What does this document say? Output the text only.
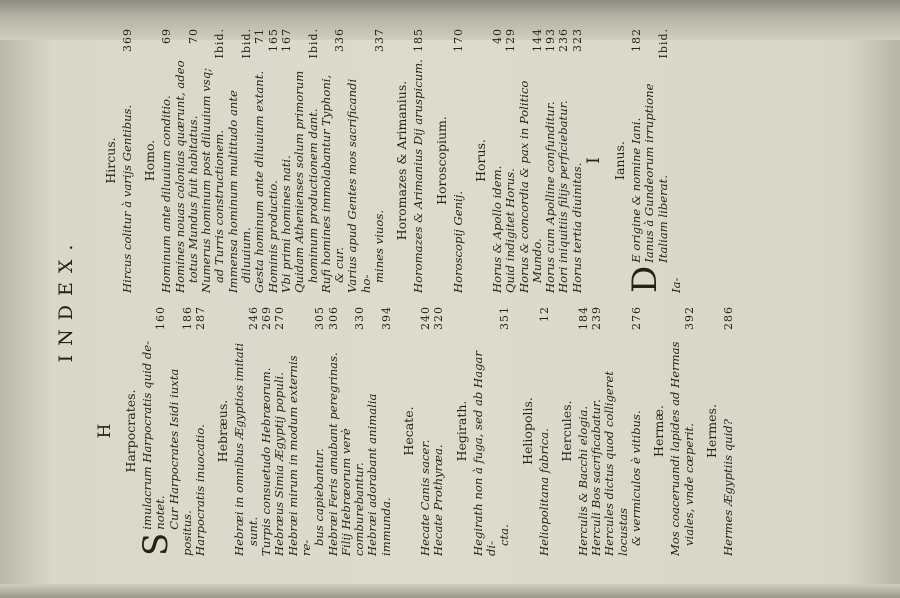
INDEX.
H Harpocrates.
S
imulacrum Harpocratis quid de- notet.
160
Cur Harpocrates Isidi iuxta positus.
186
Harpocratis inuocatio.
287
Hebræus. Hebræi in omnibus Ægyptios imitati sunt.
246
Turpis consuetudo Hebræorum.
269
Hebræus Simia Ægyptij populi.
270
Hebræi mirum in modum externis re-
bus capiebantur.
305
Hebræi Feris amabant peregrinas.
306
Filij Hebræorum verè comburebantur.
330
Hebræi adorabant animalia immunda.
394
Hecate.
Hecate Canis sacer.
240
Hecate Prothyræa.
320
Hegirath. Hegirath non à fuga, sed ab Hagar di-
cta.
351
Heliopolis. Heliopolitana fabrica.
12
Hercules. Herculis & Bacchi elogia.
184
Herculi Bos sacrificabatur.
239
Hercules dictus quod colligeret locustas & vermiculos è vitibus.
276
Hermæ. Mos coaceruandi lapides ad Hermas viales, vnde cœperit.
392
Hermes. Hermes Ægyptiis quid?
286
Hircus. Hircus colitur à varijs Gentibus.
369
Homo. Hominum ante diluuium conditio.
69
Homines nouas colonias quærunt, adeo totus Mundus fuit habitatus.
70
Numerus hominum post diluuium vsq; ad Turris constructionem.
Ibid.
Immensa hominum multitudo ante diluuium.
Ibid.
Gesta hominum ante diluuium extant.
71
Hominis productio.
165
Vbi primi homines nati.
167
Quidam Athenienses solum primorum hominum productionem dant.
Ibid.
Rufi homines immolabantur Typhoni, & cur.
336
Varius apud Gentes mos sacrificandi ho-
mines viuos.
337
Horomazes & Arimanius. Horomazes & Arimanius Dij aruspicum.
185
Horoscopium.
Horoscopij Genij.
170
Horus.
Horus & Apollo idem.
40
Quid indigitet Horus.
129
Horus & concordia & pax in Politico Mundo.
144
Horus cum Apolline confunditur.
193
Hori iniquitiis filijs perficiebatur.
236
Horus tertia diuinitas.
323
I Ianus.
D
E origine & nomine Iani.
182
Ianus à Gundeorum irruptione Italiam liberat.
Ibid.
Ia-
